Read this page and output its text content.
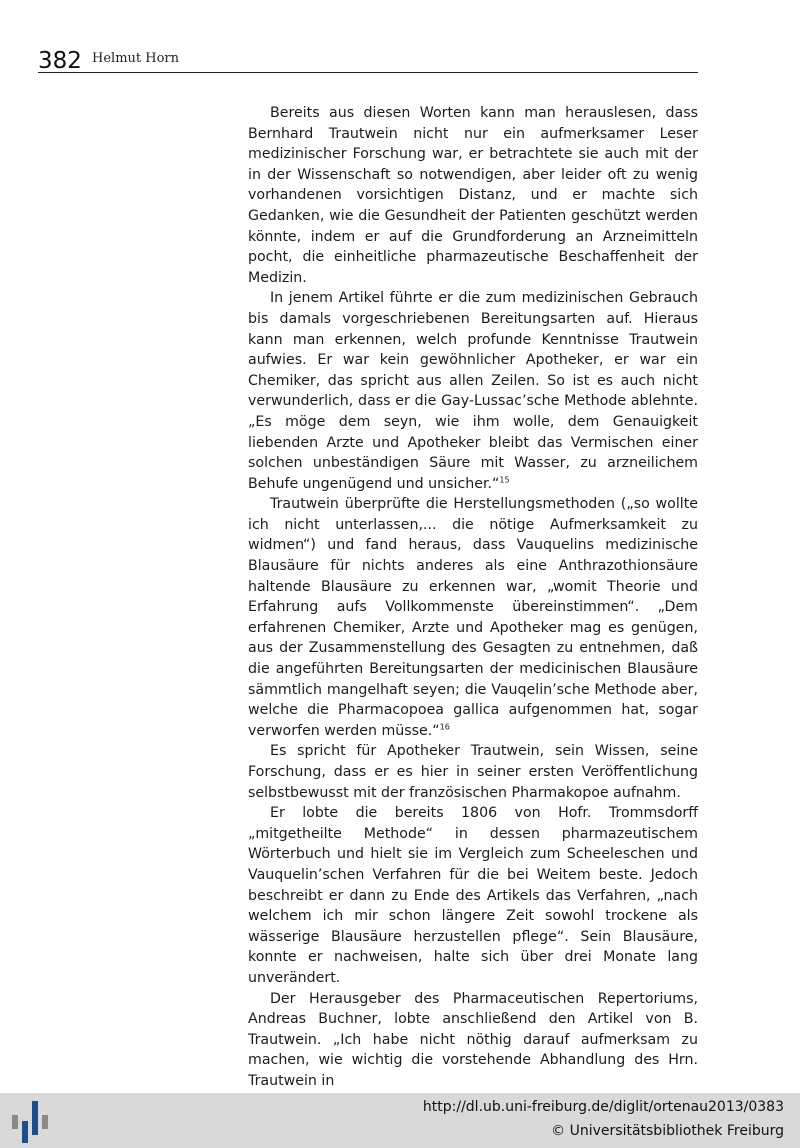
382 Helmut Horn

Bereits aus diesen Worten kann man herauslesen, dass Bernhard Trautwein nicht nur ein aufmerksamer Leser medizinischer Forschung war, er betrachtete sie auch mit der in der Wissenschaft so notwendigen, aber leider oft zu wenig vorhandenen vorsichtigen Distanz, und er machte sich Gedanken, wie die Gesundheit der Patienten geschützt werden könnte, indem er auf die Grundforderung an Arzneimitteln pocht, die einheitliche pharmazeutische Beschaffenheit der Medizin.

In jenem Artikel führte er die zum medizinischen Gebrauch bis damals vorgeschriebenen Bereitungsarten auf. Hieraus kann man erkennen, welch profunde Kenntnisse Trautwein aufwies. Er war kein gewöhnlicher Apotheker, er war ein Chemiker, das spricht aus allen Zeilen. So ist es auch nicht verwunderlich, dass er die Gay-Lussac’sche Methode ablehnte. „Es möge dem seyn, wie ihm wolle, dem Genauigkeit liebenden Arzte und Apotheker bleibt das Vermischen einer solchen unbeständigen Säure mit Wasser, zu arzneilichem Behufe ungenügend und unsicher.“$^{15}$

Trautwein überprüfte die Herstellungsmethoden („so wollte ich nicht unterlassen,... die nötige Aufmerksamkeit zu widmen“) und fand heraus, dass Vauquelins medizinische Blausäure für nichts anderes als eine Anthrazothionsäure haltende Blausäure zu erkennen war, „womit Theorie und Erfahrung aufs Vollkommenste übereinstimmen“. „Dem erfahrenen Chemiker, Arzte und Apotheker mag es genügen, aus der Zusammenstellung des Gesagten zu entnehmen, daß die angeführten Bereitungsarten der medicinischen Blausäure sämmtlich mangelhaft seyen; die Vauqelin’sche Methode aber, welche die Pharmacopoea gallica aufgenommen hat, sogar verworfen werden müsse.“$^{16}$

Es spricht für Apotheker Trautwein, sein Wissen, seine Forschung, dass er es hier in seiner ersten Veröffentlichung selbstbewusst mit der französischen Pharmakopoe aufnahm.

Er lobte die bereits 1806 von Hofr. Trommsdorff „mitgetheilte Methode“ in dessen pharmazeutischem Wörterbuch und hielt sie im Vergleich zum Scheeleschen und Vauquelin’schen Verfahren für die bei Weitem beste. Jedoch beschreibt er dann zu Ende des Artikels das Verfahren, „nach welchem ich mir schon längere Zeit sowohl trockene als wässerige Blausäure herzustellen pflege“. Sein Blausäure, konnte er nachweisen, halte sich über drei Monate lang unverändert.

Der Herausgeber des Pharmaceutischen Repertoriums, Andreas Buchner, lobte anschließend den Artikel von B. Trautwein. „Ich habe nicht nöthig darauf aufmerksam zu machen, wie wichtig die vorstehende Abhandlung des Hrn. Trautwein in

http://dl.ub.uni-freiburg.de/diglit/ortenau2013/0383
© Universitätsbibliothek Freiburg
